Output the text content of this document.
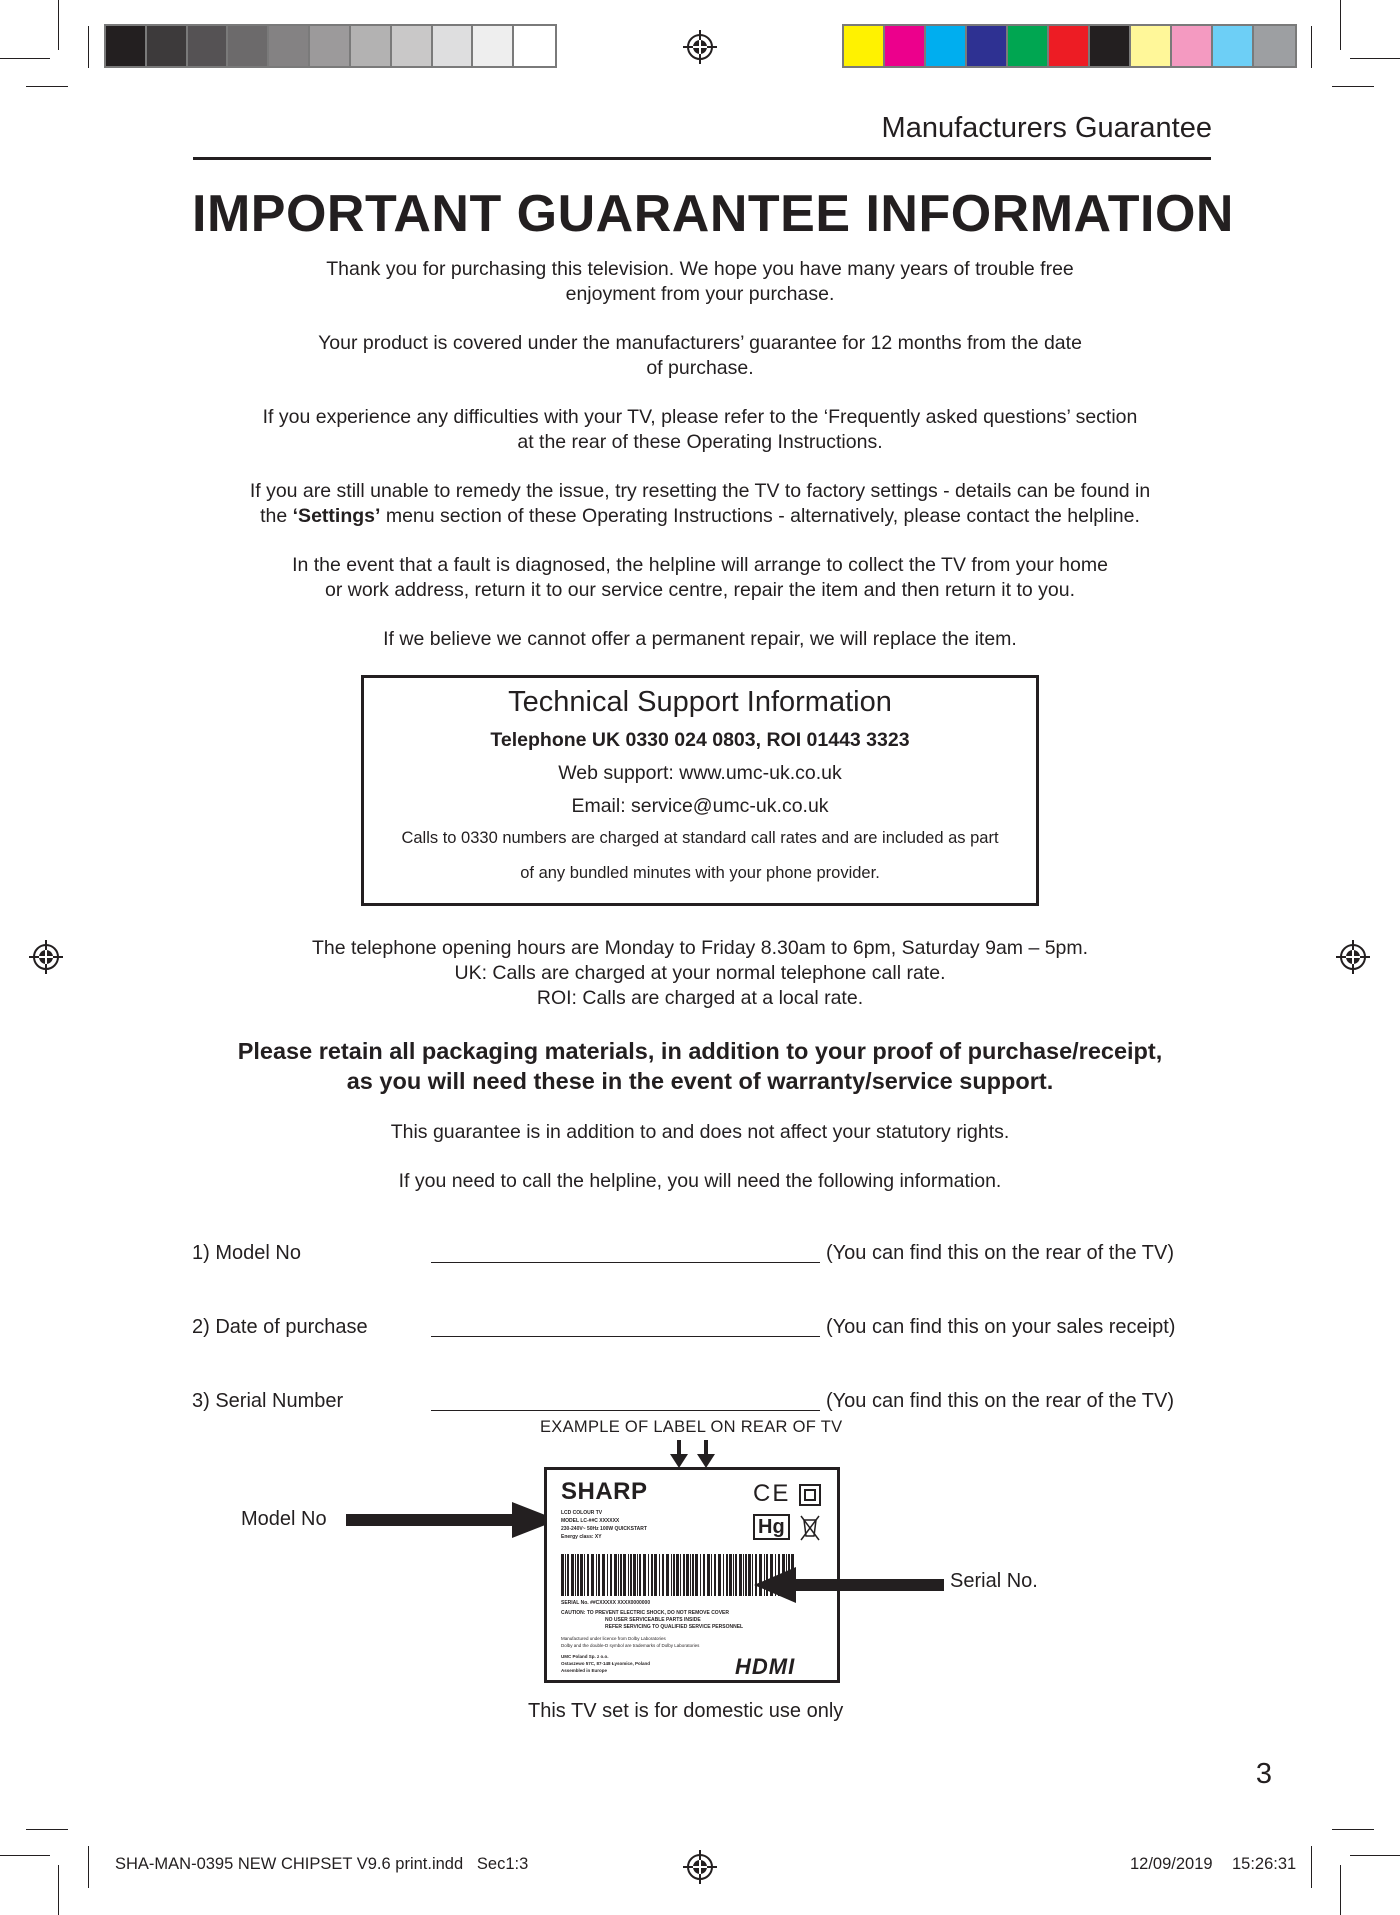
Manufacturers Guarantee
IMPORTANT GUARANTEE INFORMATION

Thank you for purchasing this television. We hope you have many years of trouble free

enjoyment from your purchase.

Your product is covered under the manufacturers’ guarantee for 12 months from the date

of purchase.

If you experience any difficulties with your TV, please refer to the ‘Frequently asked questions’ section

at the rear of these Operating Instructions.

If you are still unable to remedy the issue, try resetting the TV to factory settings - details can be found in

the ‘Settings’ menu section of these Operating Instructions - alternatively, please contact the helpline.

In the event that a fault is diagnosed, the helpline will arrange to collect the TV from your home

or work address, return it to our service centre, repair the item and then return it to you.

If we believe we cannot offer a permanent repair, we will replace the item.

Technical Support Information
Telephone UK 0330 024 0803, ROI 01443 3323
Web support: www.umc-uk.co.uk
Email: service@umc-uk.co.uk
Calls to 0330 numbers are charged at standard call rates and are included as part
of any bundled minutes with your phone provider.

The telephone opening hours are Monday to Friday 8.30am to 6pm, Saturday 9am – 5pm.

UK: Calls are charged at your normal telephone call rate.

ROI: Calls are charged at a local rate.

Please retain all packaging materials, in addition to your proof of purchase/receipt,
as you will need these in the event of warranty/service support.

This guarantee is in addition to and does not affect your statutory rights.

If you need to call the helpline, you will need the following information.

1) Model No	(You can find this on the rear of the TV)
2) Date of purchase	(You can find this on your sales receipt)
3) Serial Number	(You can find this on the rear of the TV)
EXAMPLE OF LABEL ON REAR OF TV
Model No
SHARP	CE
Hg
LCD COLOUR TV
MODEL LC-##C XXXXXX
230-240V~ 50Hz 100W QUICKSTART
Energy class: XY
SERIAL No. ##CXXXXX XXXX0000000
CAUTION: TO PREVENT ELECTRIC SHOCK, DO NOT REMOVE COVER
NO USER SERVICEABLE PARTS INSIDE
REFER SERVICING TO QUALIFIED SERVICE PERSONNEL
Manufactured under licence from Dolby Laboratories
Dolby and the double-D symbol are trademarks of Dolby Laboratories
UMC Poland Sp. z o.o.
Ostaszewo 57C, 87-148 Łysomice, Poland
Assembled in Europe	HDMI
Serial No.
This TV set is for domestic use only
3
SHA-MAN-0395 NEW CHIPSET V9.6 print.indd   Sec1:3	12/09/2019 15:26:31
